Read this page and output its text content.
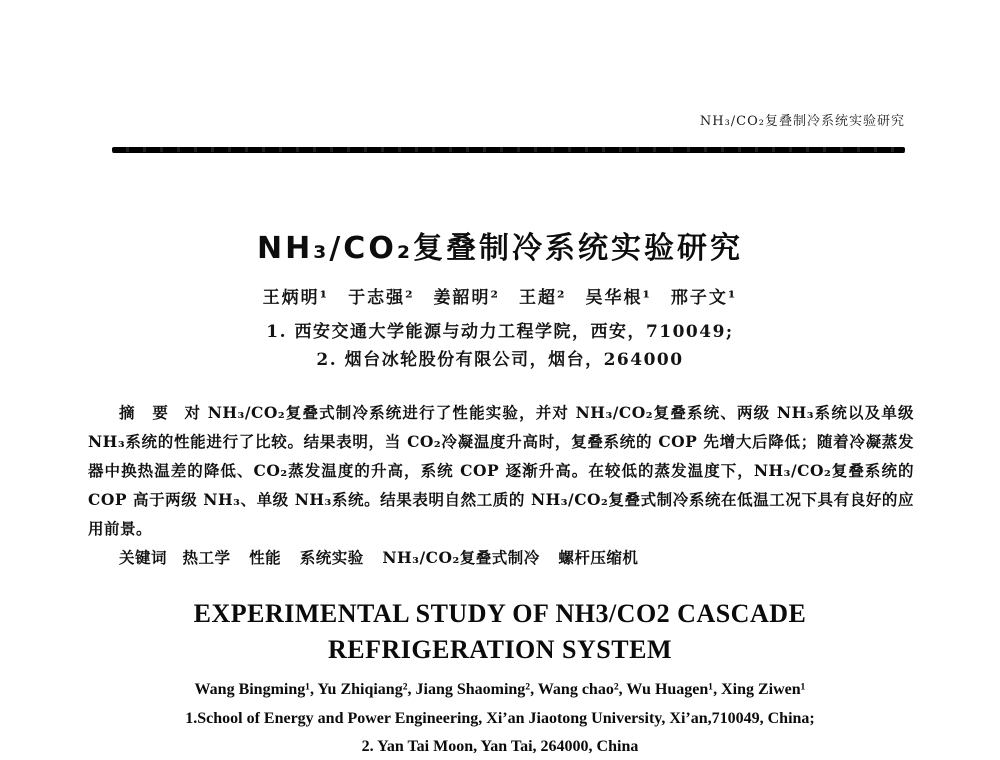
NH₃/CO₂复叠制冷系统实验研究
NH₃/CO₂复叠制冷系统实验研究
王炳明¹　于志强²　姜韶明²　王超²　吴华根¹　邢子文¹
1. 西安交通大学能源与动力工程学院，西安，710049;
2. 烟台冰轮股份有限公司，烟台，264000

摘　要 对 NH₃/CO₂复叠式制冷系统进行了性能实验，并对 NH₃/CO₂复叠系统、两级 NH₃系统以及单级 NH₃系统的性能进行了比较。结果表明，当 CO₂冷凝温度升高时，复叠系统的 COP 先增大后降低；随着冷凝蒸发器中换热温差的降低、CO₂蒸发温度的升高，系统 COP 逐渐升高。在较低的蒸发温度下，NH₃/CO₂复叠系统的 COP 高于两级 NH₃、单级 NH₃系统。结果表明自然工质的 NH₃/CO₂复叠式制冷系统在低温工况下具有良好的应用前景。

关键词 热工学 性能 系统实验 NH₃/CO₂复叠式制冷 螺杆压缩机
EXPERIMENTAL STUDY OF NH3/CO2 CASCADE
REFRIGERATION SYSTEM
Wang Bingming¹, Yu Zhiqiang², Jiang Shaoming², Wang chao², Wu Huagen¹, Xing Ziwen¹
1.School of Energy and Power Engineering, Xi’an Jiaotong University, Xi’an,710049, China;
2. Yan Tai Moon, Yan Tai, 264000, China
